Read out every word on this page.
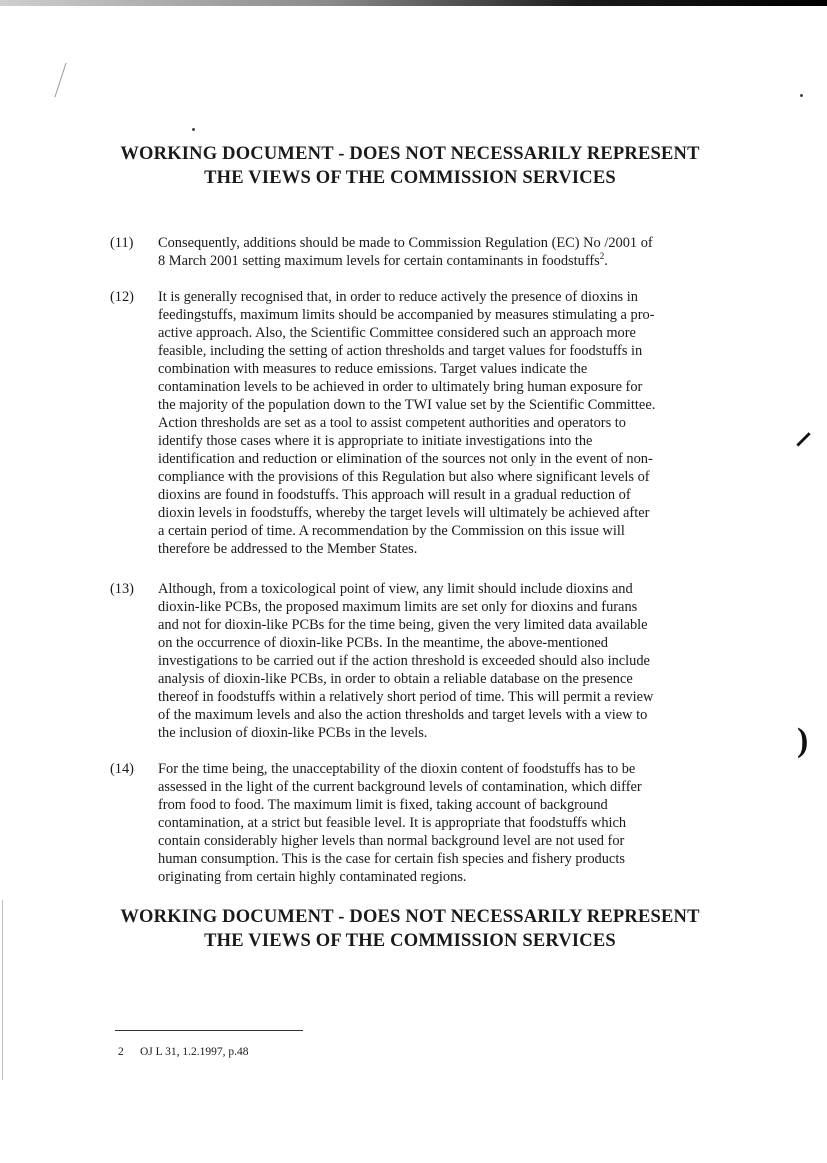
⸝
)
WORKING DOCUMENT - DOES NOT NECESSARILY REPRESENT
THE VIEWS OF THE COMMISSION SERVICES
(11)	Consequently, additions should be made to Commission Regulation (EC) No /2001 of
8 March 2001 setting maximum levels for certain contaminants in foodstuffs$^2$.
(12)	It is generally recognised that, in order to reduce actively the presence of dioxins in
feedingstuffs, maximum limits should be accompanied by measures stimulating a pro-
active approach. Also, the Scientific Committee considered such an approach more
feasible, including the setting of action thresholds and target values for foodstuffs in
combination with measures to reduce emissions. Target values indicate the
contamination levels to be achieved in order to ultimately bring human exposure for
the majority of the population down to the TWI value set by the Scientific Committee.
Action thresholds are set as a tool to assist competent authorities and operators to
identify those cases where it is appropriate to initiate investigations into the
identification and reduction or elimination of the sources not only in the event of non-
compliance with the provisions of this Regulation but also where significant levels of
dioxins are found in foodstuffs. This approach will result in a gradual reduction of
dioxin levels in foodstuffs, whereby the target levels will ultimately be achieved after
a certain period of time. A recommendation by the Commission on this issue will
therefore be addressed to the Member States.
(13)	Although, from a toxicological point of view, any limit should include dioxins and
dioxin-like PCBs, the proposed maximum limits are set only for dioxins and furans
and not for dioxin-like PCBs for the time being, given the very limited data available
on the occurrence of dioxin-like PCBs. In the meantime, the above-mentioned
investigations to be carried out if the action threshold is exceeded should also include
analysis of dioxin-like PCBs, in order to obtain a reliable database on the presence
thereof in foodstuffs within a relatively short period of time. This will permit a review
of the maximum levels and also the action thresholds and target levels with a view to
the inclusion of dioxin-like PCBs in the levels.
(14)	For the time being, the unacceptability of the dioxin content of foodstuffs has to be
assessed in the light of the current background levels of contamination, which differ
from food to food. The maximum limit is fixed, taking account of background
contamination, at a strict but feasible level. It is appropriate that foodstuffs which
contain considerably higher levels than normal background level are not used for
human consumption. This is the case for certain fish species and fishery products
originating from certain highly contaminated regions.
WORKING DOCUMENT - DOES NOT NECESSARILY REPRESENT
THE VIEWS OF THE COMMISSION SERVICES
2 OJ L 31, 1.2.1997, p.48
